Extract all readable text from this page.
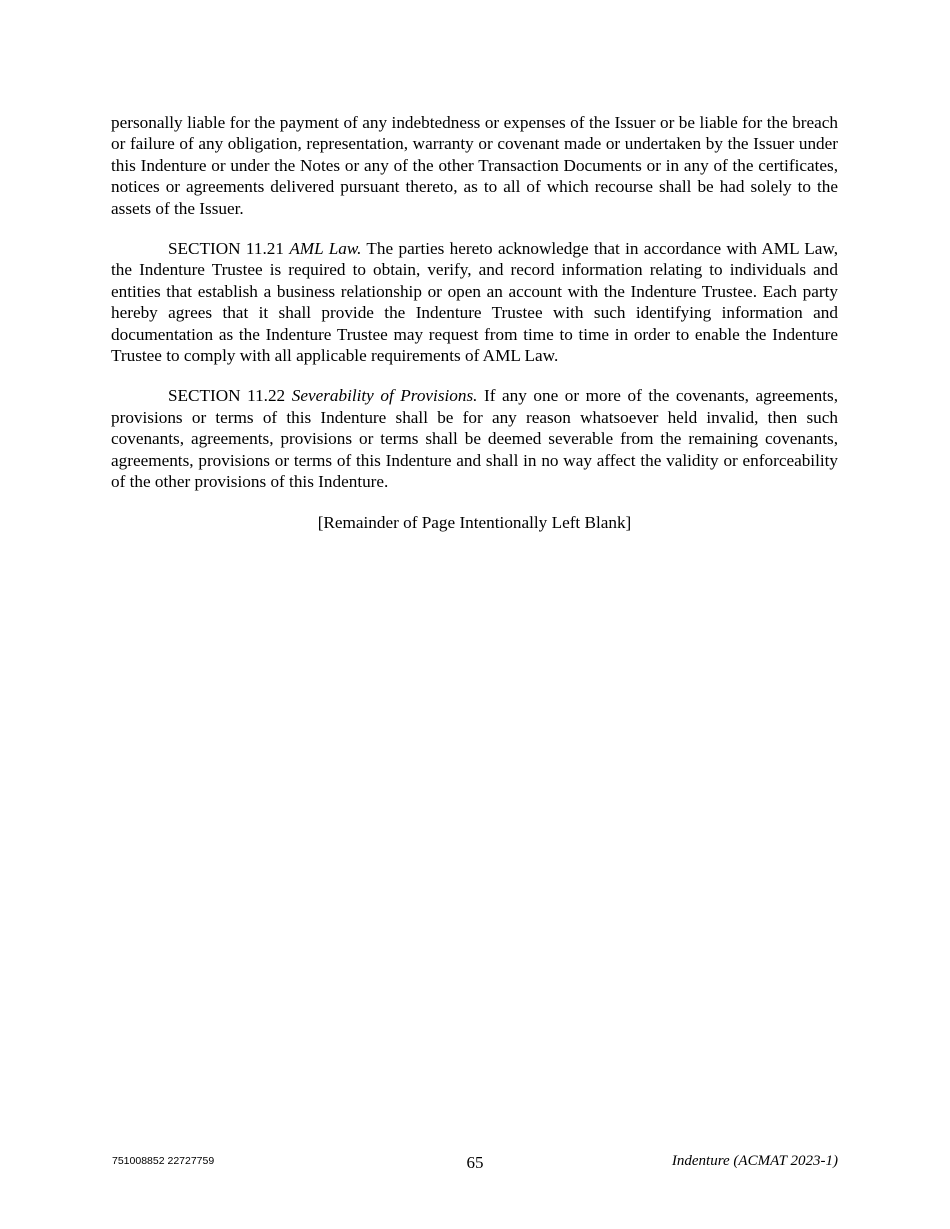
personally liable for the payment of any indebtedness or expenses of the Issuer or be liable for the breach or failure of any obligation, representation, warranty or covenant made or undertaken by the Issuer under this Indenture or under the Notes or any of the other Transaction Documents or in any of the certificates, notices or agreements delivered pursuant thereto, as to all of which recourse shall be had solely to the assets of the Issuer.

SECTION 11.21 AML Law. The parties hereto acknowledge that in accordance with AML Law, the Indenture Trustee is required to obtain, verify, and record information relating to individuals and entities that establish a business relationship or open an account with the Indenture Trustee. Each party hereby agrees that it shall provide the Indenture Trustee with such identifying information and documentation as the Indenture Trustee may request from time to time in order to enable the Indenture Trustee to comply with all applicable requirements of AML Law.

SECTION 11.22 Severability of Provisions. If any one or more of the covenants, agreements, provisions or terms of this Indenture shall be for any reason whatsoever held invalid, then such covenants, agreements, provisions or terms shall be deemed severable from the remaining covenants, agreements, provisions or terms of this Indenture and shall in no way affect the validity or enforceability of the other provisions of this Indenture.

[Remainder of Page Intentionally Left Blank]

751008852 22727759	65	Indenture (ACMAT 2023-1)
